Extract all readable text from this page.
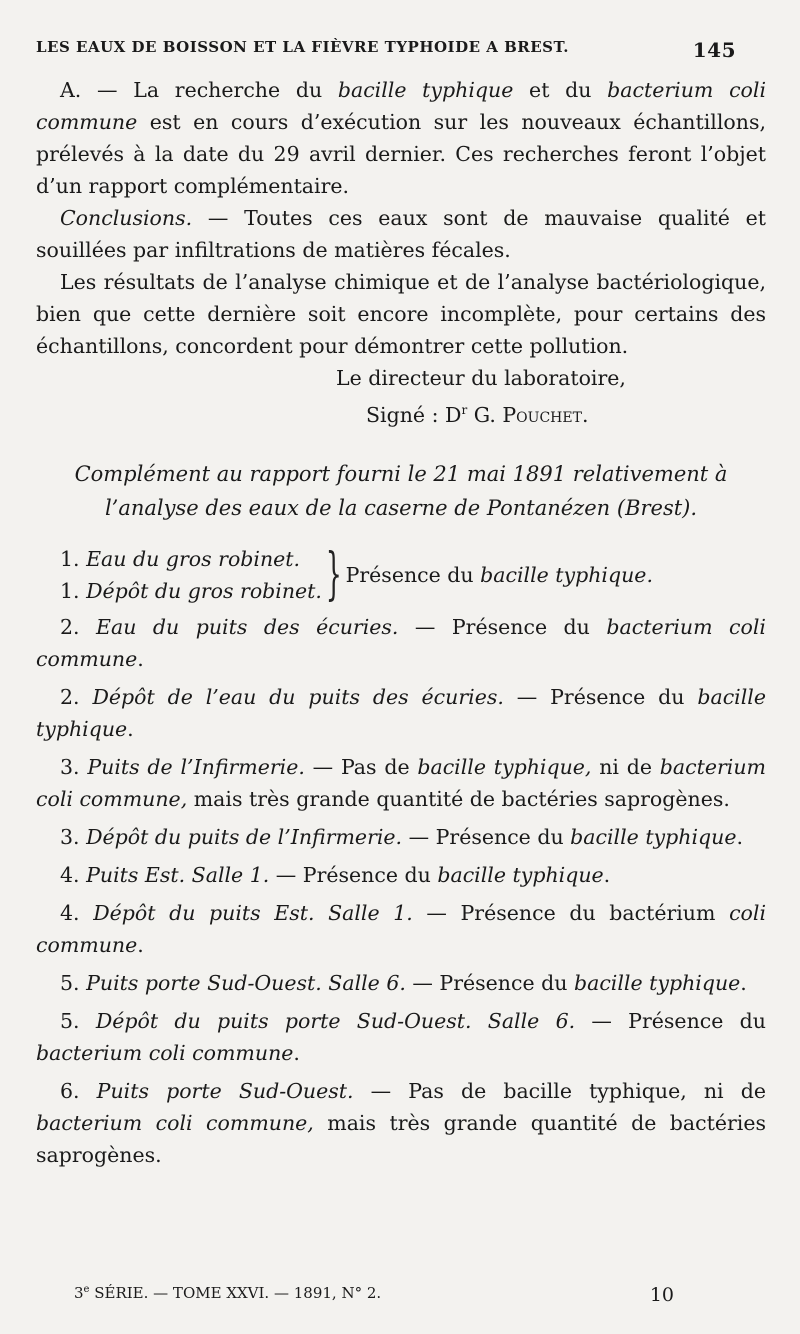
LES EAUX DE BOISSON ET LA FIÈVRE TYPHOIDE A BREST.	145

A. — La recherche du bacille typhique et du bacterium coli commune est en cours d’exécution sur les nouveaux échantillons, prélevés à la date du 29 avril dernier. Ces recherches feront l’objet d’un rapport complémentaire.

Conclusions. — Toutes ces eaux sont de mauvaise qualité et souillées par infiltrations de matières fécales.

Les résultats de l’analyse chimique et de l’analyse bactériologique, bien que cette dernière soit encore incomplète, pour certains des échantillons, concordent pour démontrer cette pollution.

Le directeur du laboratoire,

Signé : $D^r$ G. Pouchet.

Complément au rapport fourni le 21 mai 1891 relativement à l’analyse des eaux de la caserne de Pontanézen (Brest).

1. Eau du gros robinet.
1. Dépôt du gros robinet. } Présence du bacille typhique.

2. Eau du puits des écuries. — Présence du bacterium coli commune.

2. Dépôt de l’eau du puits des écuries. — Présence du bacille typhique.

3. Puits de l’Infirmerie. — Pas de bacille typhique, ni de bacterium coli commune, mais très grande quantité de bactéries saprogènes.

3. Dépôt du puits de l’Infirmerie. — Présence du bacille typhique.

4. Puits Est. Salle 1. — Présence du bacille typhique.

4. Dépôt du puits Est. Salle 1. — Présence du bactérium coli commune.

5. Puits porte Sud-Ouest. Salle 6. — Présence du bacille typhique.

5. Dépôt du puits porte Sud-Ouest. Salle 6. — Présence du bacterium coli commune.

6. Puits porte Sud-Ouest. — Pas de bacille typhique, ni de bacterium coli commune, mais très grande quantité de bactéries saprogènes.

3e SÉRIE. — TOME XXVI. — 1891, N° 2.	10
